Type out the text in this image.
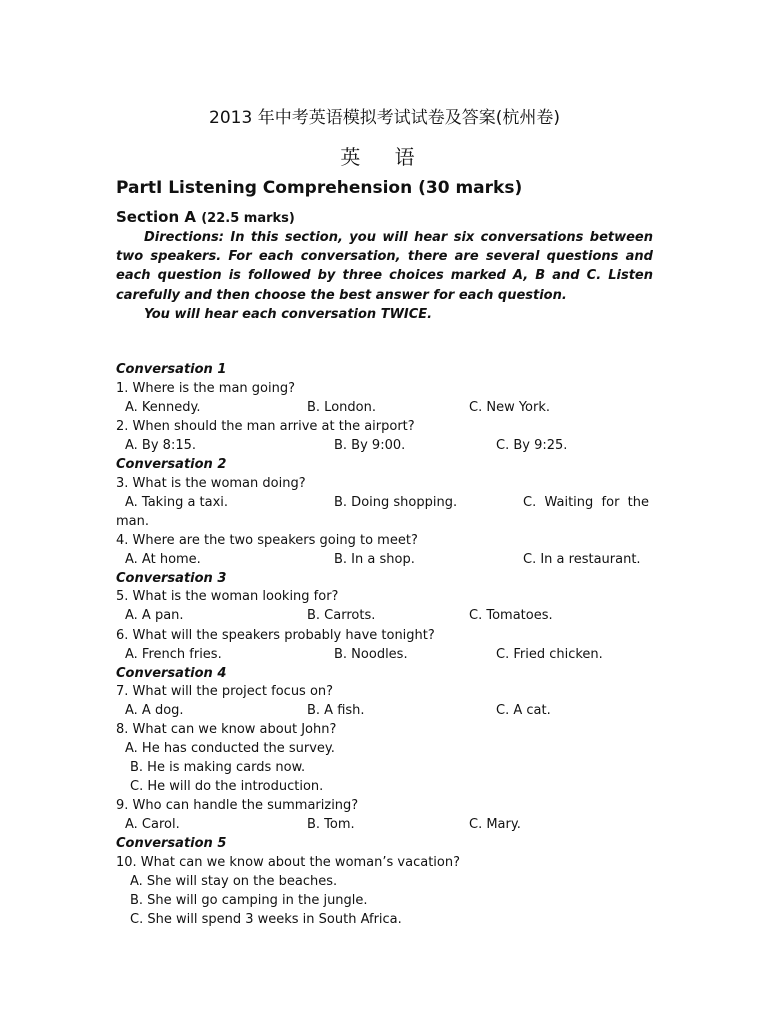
2013 年中考英语模拟考试试卷及答案(杭州卷)
英 语
PartI Listening Comprehension (30 marks)
Section A (22.5 marks)

Directions: In this section, you will hear six conversations between two speakers. For each conversation, there are several questions and each question is followed by three choices marked A, B and C. Listen carefully and then choose the best answer for each question.

You will hear each conversation TWICE.

Conversation 1
1. Where is the man going?
A. Kennedy.	B. London.	C. New York.
2. When should the man arrive at the airport?
A. By 8:15.	B. By 9:00.	C. By 9:25.
Conversation 2
3. What is the woman doing?
A. Taking a taxi.	B. Doing shopping.	C.  Waiting  for  the
man.
4. Where are the two speakers going to meet?
A. At home.	B. In a shop.	C. In a restaurant.
Conversation 3
5. What is the woman looking for?
A. A pan.	B. Carrots.	C. Tomatoes.
6. What will the speakers probably have tonight?
A. French fries.	B. Noodles.	C. Fried chicken.
Conversation 4
7. What will the project focus on?
A. A dog.	B. A fish.	C. A cat.
8. What can we know about John?
A. He has conducted the survey.
B. He is making cards now.
C. He will do the introduction.
9. Who can handle the summarizing?
A. Carol.	B. Tom.	C. Mary.
Conversation 5
10. What can we know about the woman’s vacation?
A. She will stay on the beaches.
B. She will go camping in the jungle.
C. She will spend 3 weeks in South Africa.
